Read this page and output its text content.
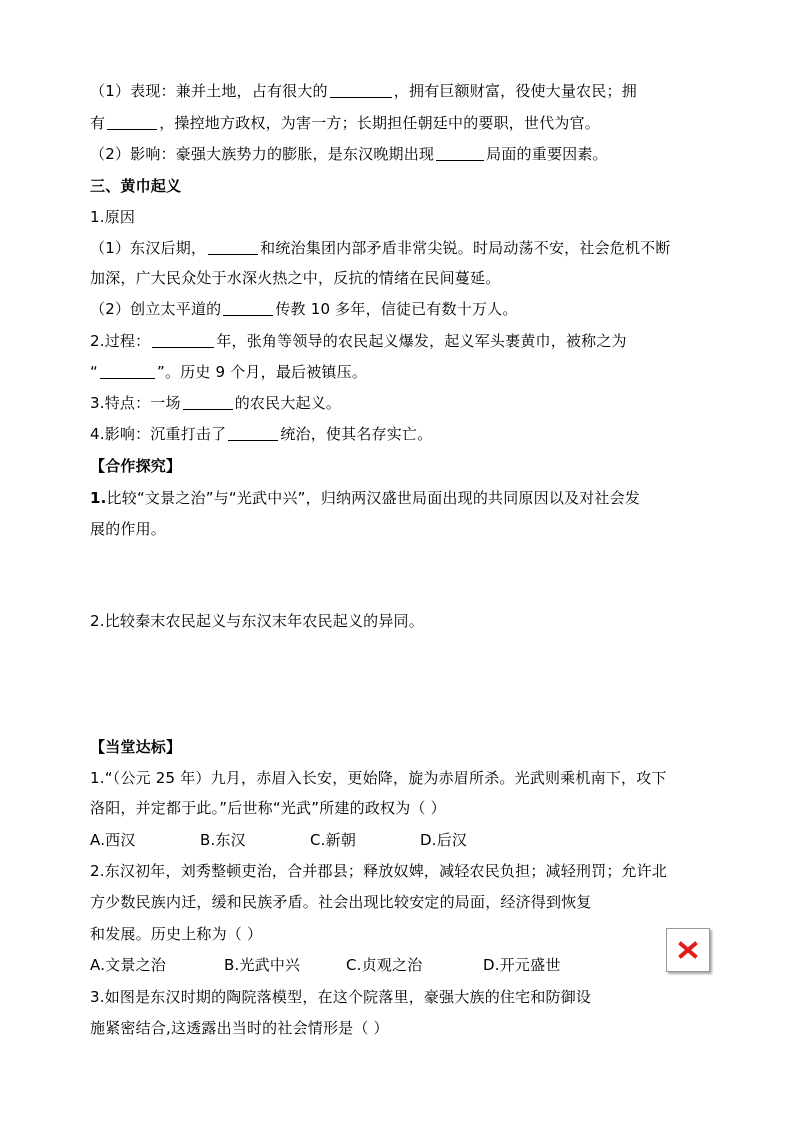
（1）表现：兼并土地，占有很大的	，拥有巨额财富，役使大量农民；拥
有	，操控地方政权，为害一方；长期担任朝廷中的要职，世代为官。
（2）影响：豪强大族势力的膨胀，是东汉晚期出现	局面的重要因素。
三、黄巾起义
1.原因
（1）东汉后期，	和统治集团内部矛盾非常尖锐。时局动荡不安，社会危机不断
加深，广大民众处于水深火热之中，反抗的情绪在民间蔓延。
（2）创立太平道的	传教 10 多年，信徒已有数十万人。
2.过程：	年，张角等领导的农民起义爆发，起义军头裹黄巾，被称之为
“	”。历史 9 个月，最后被镇压。
3.特点：一场	的农民大起义。
4.影响：沉重打击了	统治，使其名存实亡。
【合作探究】
1.比较“文景之治”与“光武中兴”，归纳两汉盛世局面出现的共同原因以及对社会发
展的作用。
2.比较秦末农民起义与东汉末年农民起义的异同。
【当堂达标】
1.“（公元 25 年）九月，赤眉入长安，更始降，旋为赤眉所杀。光武则乘机南下，攻下
洛阳，并定都于此。”后世称“光武”所建的政权为（ ）
A.西汉	B.东汉	C.新朝	D.后汉
2.东汉初年，刘秀整顿吏治，合并郡县；释放奴婢，减轻农民负担；减轻刑罚；允许北
方少数民族内迁，缓和民族矛盾。社会出现比较安定的局面，经济得到恢复
和发展。历史上称为（ ）
A.文景之治	B.光武中兴	C.贞观之治	D.开元盛世
3.如图是东汉时期的陶院落模型，在这个院落里，豪强大族的住宅和防御设
施紧密结合,这透露出当时的社会情形是（ ）
